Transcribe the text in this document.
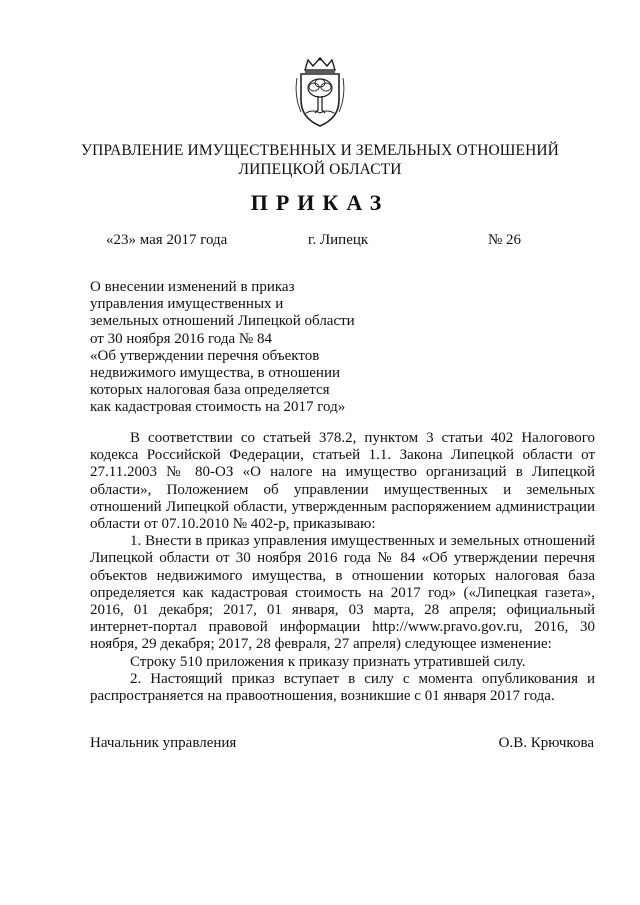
УПРАВЛЕНИЕ ИМУЩЕСТВЕННЫХ И ЗЕМЕЛЬНЫХ ОТНОШЕНИЙ
ЛИПЕЦКОЙ ОБЛАСТИ
ПРИКАЗ
«23» мая 2017 года	г. Липецк	№ 26
О внесении изменений в приказ
управления имущественных и
земельных отношений Липецкой области
от 30 ноября 2016 года № 84
«Об утверждении перечня объектов
недвижимого имущества, в отношении
которых налоговая база определяется
как кадастровая стоимость на 2017 год»

В соответствии со статьей 378.2, пунктом 3 статьи 402 Налогового кодекса Российской Федерации, статьей 1.1. Закона Липецкой области от 27.11.2003 № 80-ОЗ «О налоге на имущество организаций в Липецкой области», Положением об управлении имущественных и земельных отношений Липецкой области, утвержденным распоряжением администрации области от 07.10.2010 № 402-р, приказываю:

1. Внести в приказ управления имущественных и земельных отношений Липецкой области от 30 ноября 2016 года № 84 «Об утверждении перечня объектов недвижимого имущества, в отношении которых налоговая база определяется как кадастровая стоимость на 2017 год» («Липецкая газета», 2016, 01 декабря; 2017, 01 января, 03 марта, 28 апреля; официальный интернет-портал правовой информации http://www.pravo.gov.ru, 2016, 30 ноября, 29 декабря; 2017, 28 февраля, 27 апреля) следующее изменение:

Строку 510 приложения к приказу признать утратившей силу.

2. Настоящий приказ вступает в силу с момента опубликования и распространяется на правоотношения, возникшие с 01 января 2017 года.

Начальник управления	О.В. Крючкова
